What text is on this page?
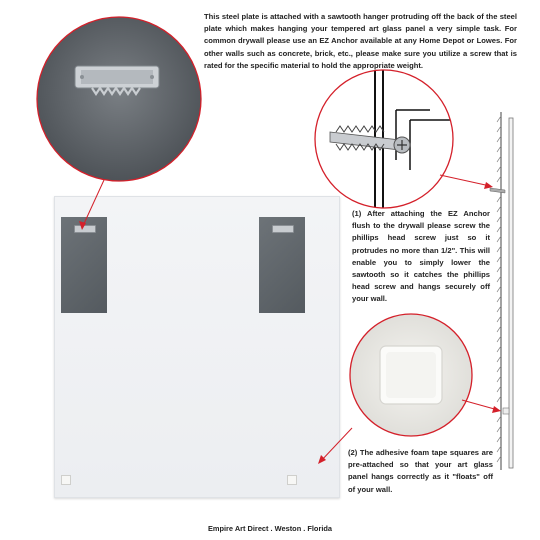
This steel plate is attached with a sawtooth hanger protruding off the back of the steel plate which makes hanging your tempered art glass panel a very simple task. For common drywall please use an EZ Anchor available at any Home Depot or Lowes. For other walls such as concrete, brick, etc., please make sure you utilize a screw that is rated for the specific material to hold the appropriate weight.
(1) After attaching the EZ Anchor flush to the drywall please screw the phillips head screw just so it protrudes no more than 1/2". This will enable you to simply lower the sawtooth so it catches the phillips head screw and hangs securely off your wall.
(2) The adhesive foam tape squares are pre-attached so that your art glass panel hangs correctly as it "floats" off of your wall.
Empire Art Direct . Weston . Florida
